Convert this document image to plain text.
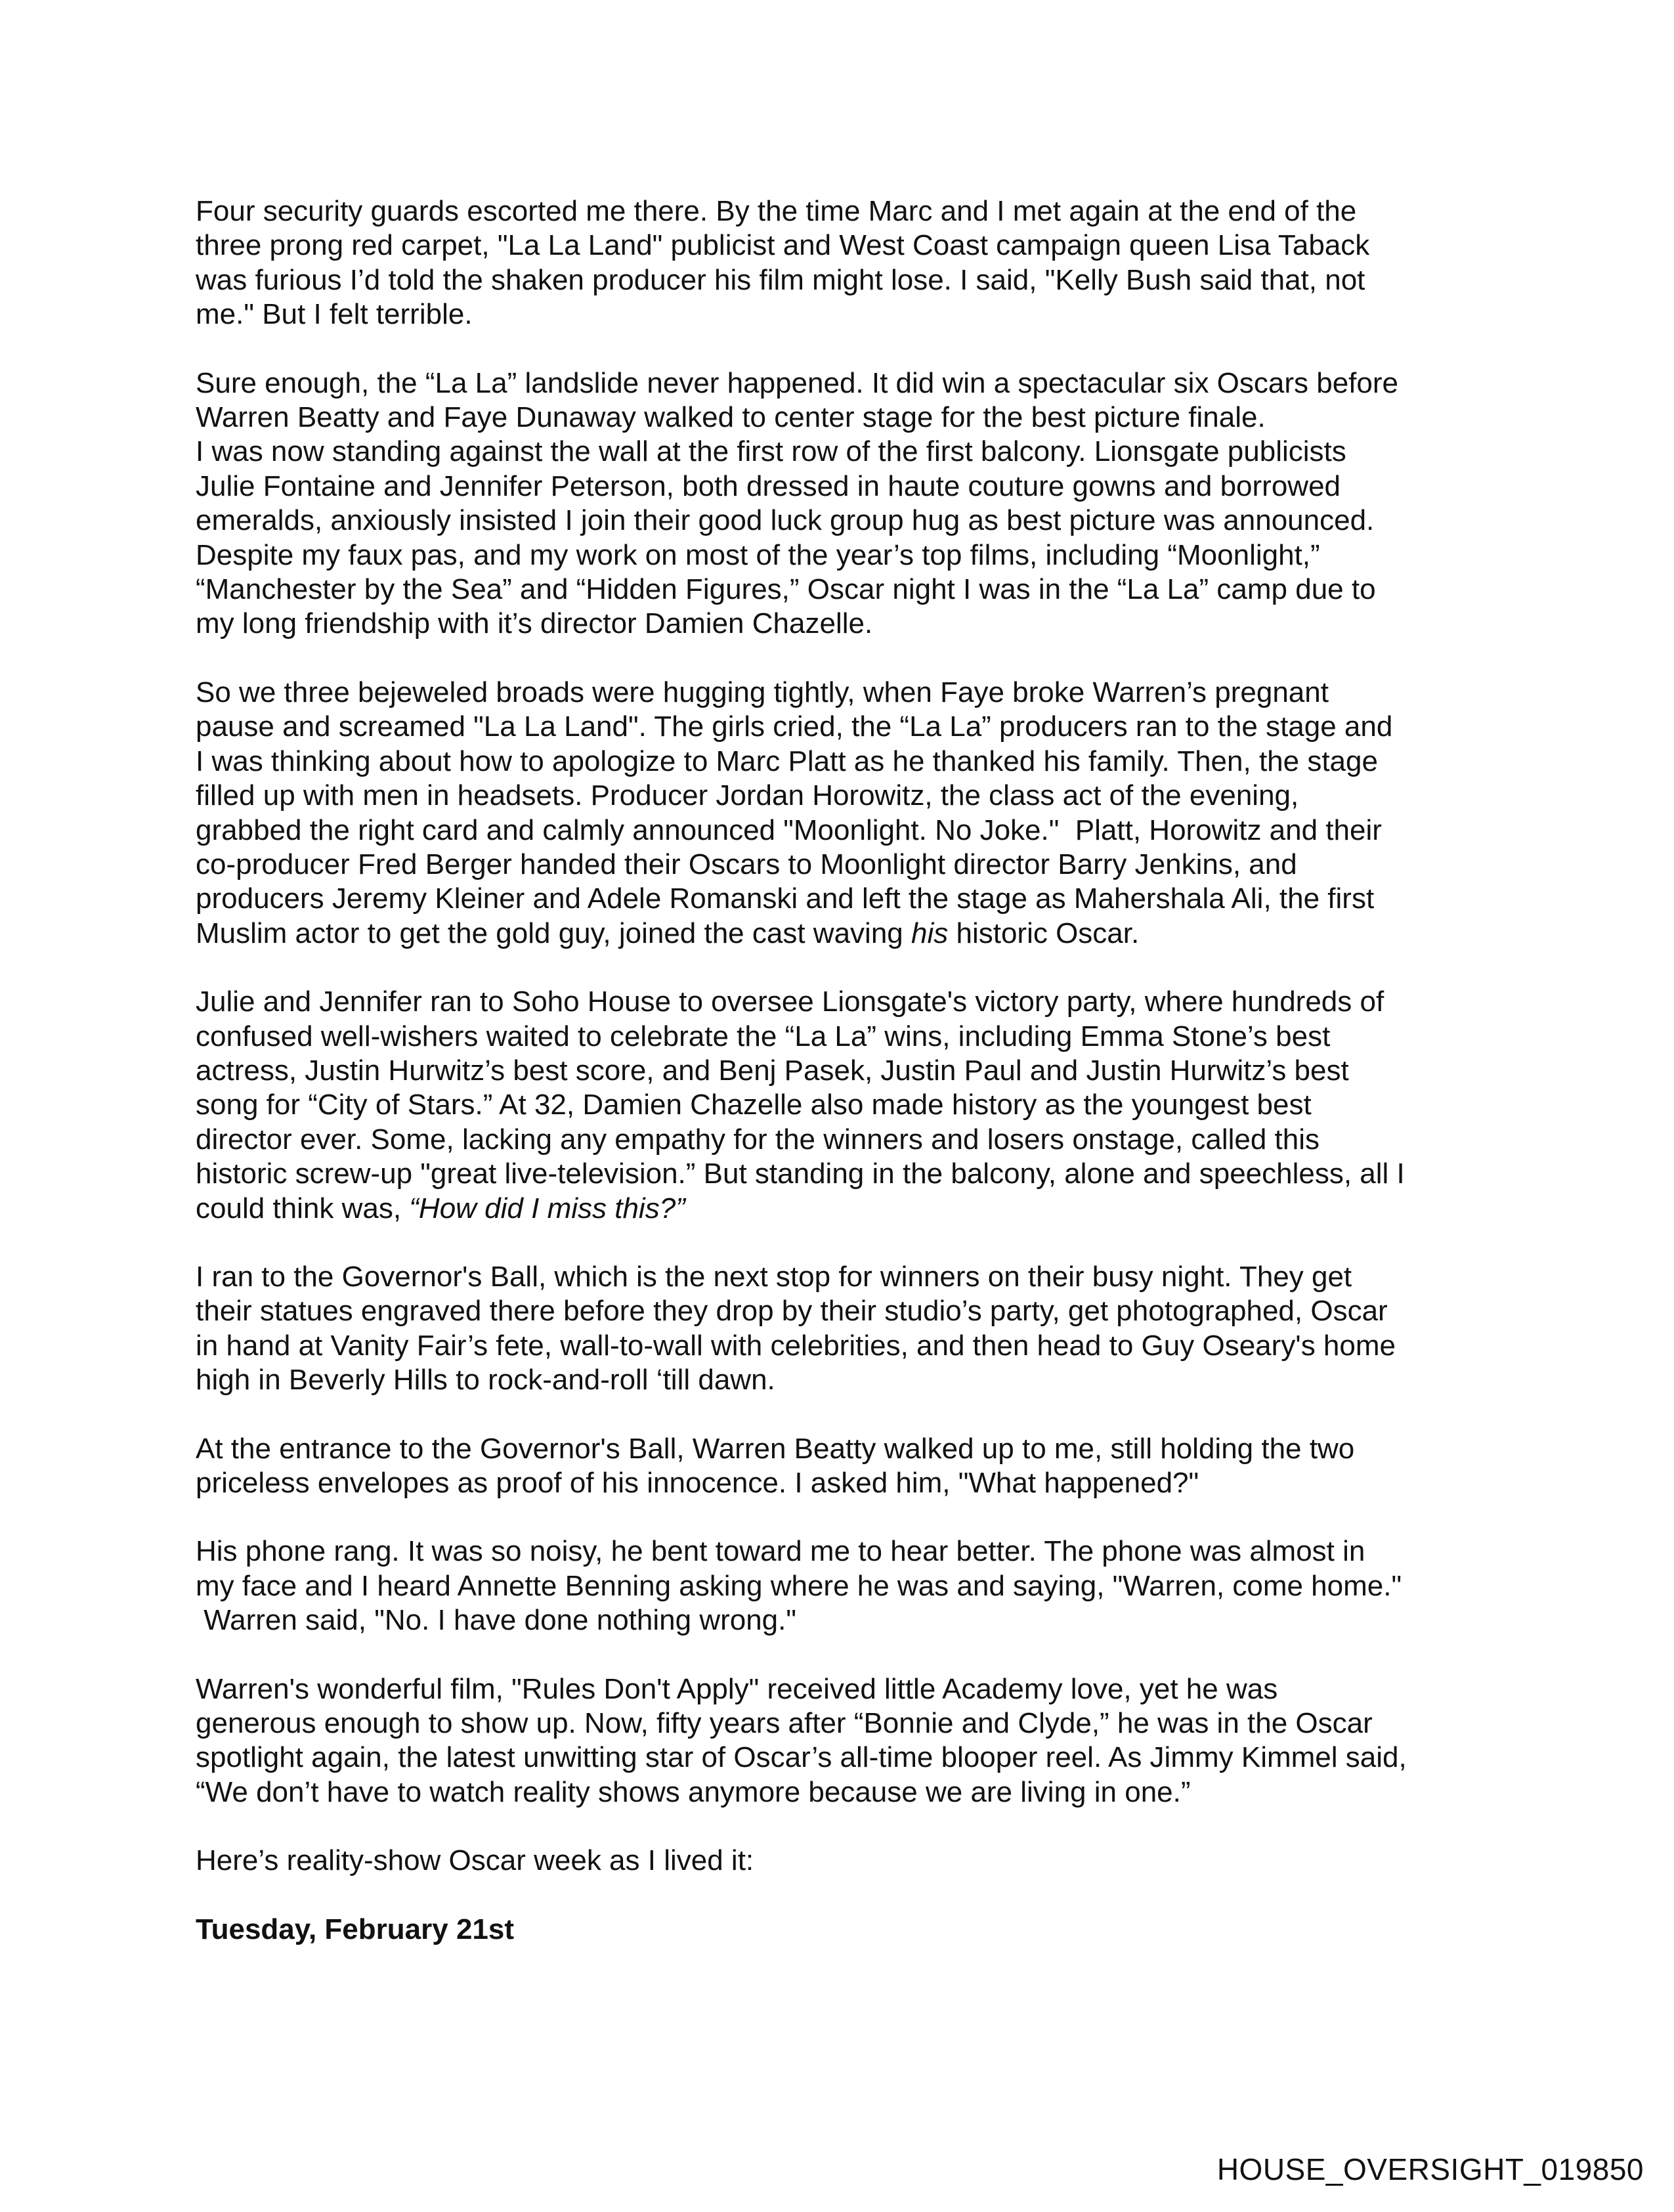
Four security guards escorted me there. By the time Marc and I met again at the end of the
three prong red carpet, "La La Land" publicist and West Coast campaign queen Lisa Taback
was furious I’d told the shaken producer his film might lose. I said, "Kelly Bush said that, not
me." But I felt terrible.

Sure enough, the “La La” landslide never happened. It did win a spectacular six Oscars before
Warren Beatty and Faye Dunaway walked to center stage for the best picture finale.
I was now standing against the wall at the first row of the first balcony. Lionsgate publicists
Julie Fontaine and Jennifer Peterson, both dressed in haute couture gowns and borrowed
emeralds, anxiously insisted I join their good luck group hug as best picture was announced.
Despite my faux pas, and my work on most of the year’s top films, including “Moonlight,”
“Manchester by the Sea” and “Hidden Figures,” Oscar night I was in the “La La” camp due to
my long friendship with it’s director Damien Chazelle.

So we three bejeweled broads were hugging tightly, when Faye broke Warren’s pregnant
pause and screamed "La La Land". The girls cried, the “La La” producers ran to the stage and
I was thinking about how to apologize to Marc Platt as he thanked his family. Then, the stage
filled up with men in headsets. Producer Jordan Horowitz, the class act of the evening,
grabbed the right card and calmly announced "Moonlight. No Joke."  Platt, Horowitz and their
co-producer Fred Berger handed their Oscars to Moonlight director Barry Jenkins, and
producers Jeremy Kleiner and Adele Romanski and left the stage as Mahershala Ali, the first
Muslim actor to get the gold guy, joined the cast waving his historic Oscar.

Julie and Jennifer ran to Soho House to oversee Lionsgate's victory party, where hundreds of
confused well-wishers waited to celebrate the “La La” wins, including Emma Stone’s best
actress, Justin Hurwitz’s best score, and Benj Pasek, Justin Paul and Justin Hurwitz’s best
song for “City of Stars.” At 32, Damien Chazelle also made history as the youngest best
director ever. Some, lacking any empathy for the winners and losers onstage, called this
historic screw-up "great live-television.” But standing in the balcony, alone and speechless, all I
could think was, “How did I miss this?”

I ran to the Governor's Ball, which is the next stop for winners on their busy night. They get
their statues engraved there before they drop by their studio’s party, get photographed, Oscar
in hand at Vanity Fair’s fete, wall-to-wall with celebrities, and then head to Guy Oseary's home
high in Beverly Hills to rock-and-roll ‘till dawn.

At the entrance to the Governor's Ball, Warren Beatty walked up to me, still holding the two
priceless envelopes as proof of his innocence. I asked him, "What happened?"

His phone rang. It was so noisy, he bent toward me to hear better. The phone was almost in
my face and I heard Annette Benning asking where he was and saying, "Warren, come home."
Warren said, "No. I have done nothing wrong."

Warren's wonderful film, "Rules Don't Apply" received little Academy love, yet he was
generous enough to show up. Now, fifty years after “Bonnie and Clyde,” he was in the Oscar
spotlight again, the latest unwitting star of Oscar’s all-time blooper reel. As Jimmy Kimmel said,
“We don’t have to watch reality shows anymore because we are living in one.”

Here’s reality-show Oscar week as I lived it:

Tuesday, February 21st

HOUSE_OVERSIGHT_019850
